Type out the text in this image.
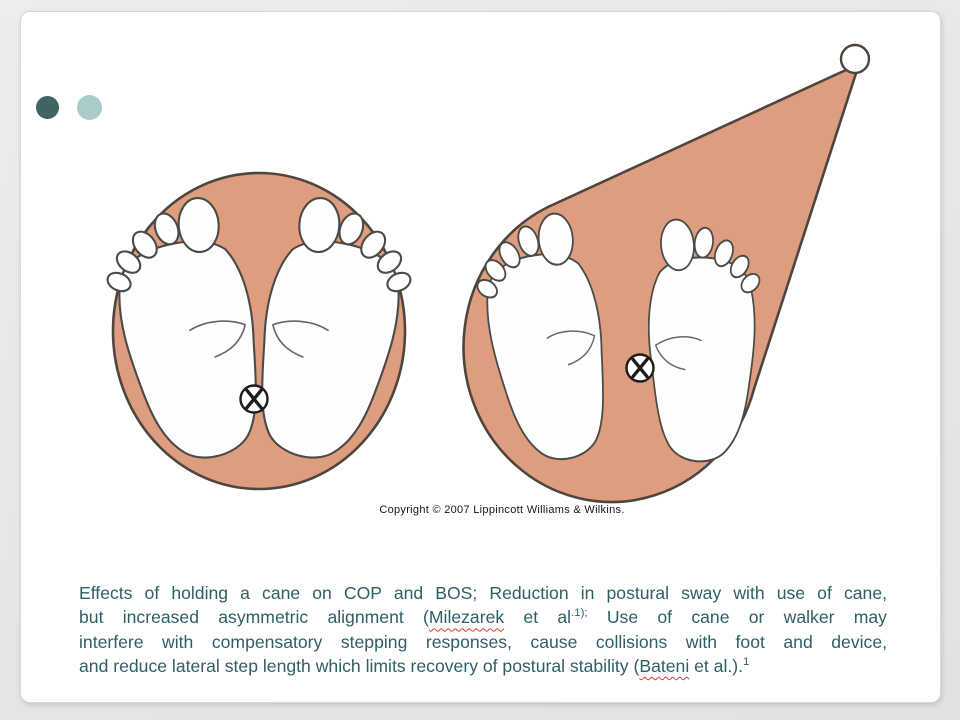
Copyright © 2007 Lippincott Williams & Wilkins.
Effects of holding a cane on COP and BOS; Reduction in postural sway with use of cane,
but increased asymmetric alignment (Milezarek et $al^{.1);}$ Use of cane or walker may
interfere with compensatory stepping responses, cause collisions with foot and device,
and reduce lateral step length which limits recovery of postural stability (Bateni et al.).$^1$
